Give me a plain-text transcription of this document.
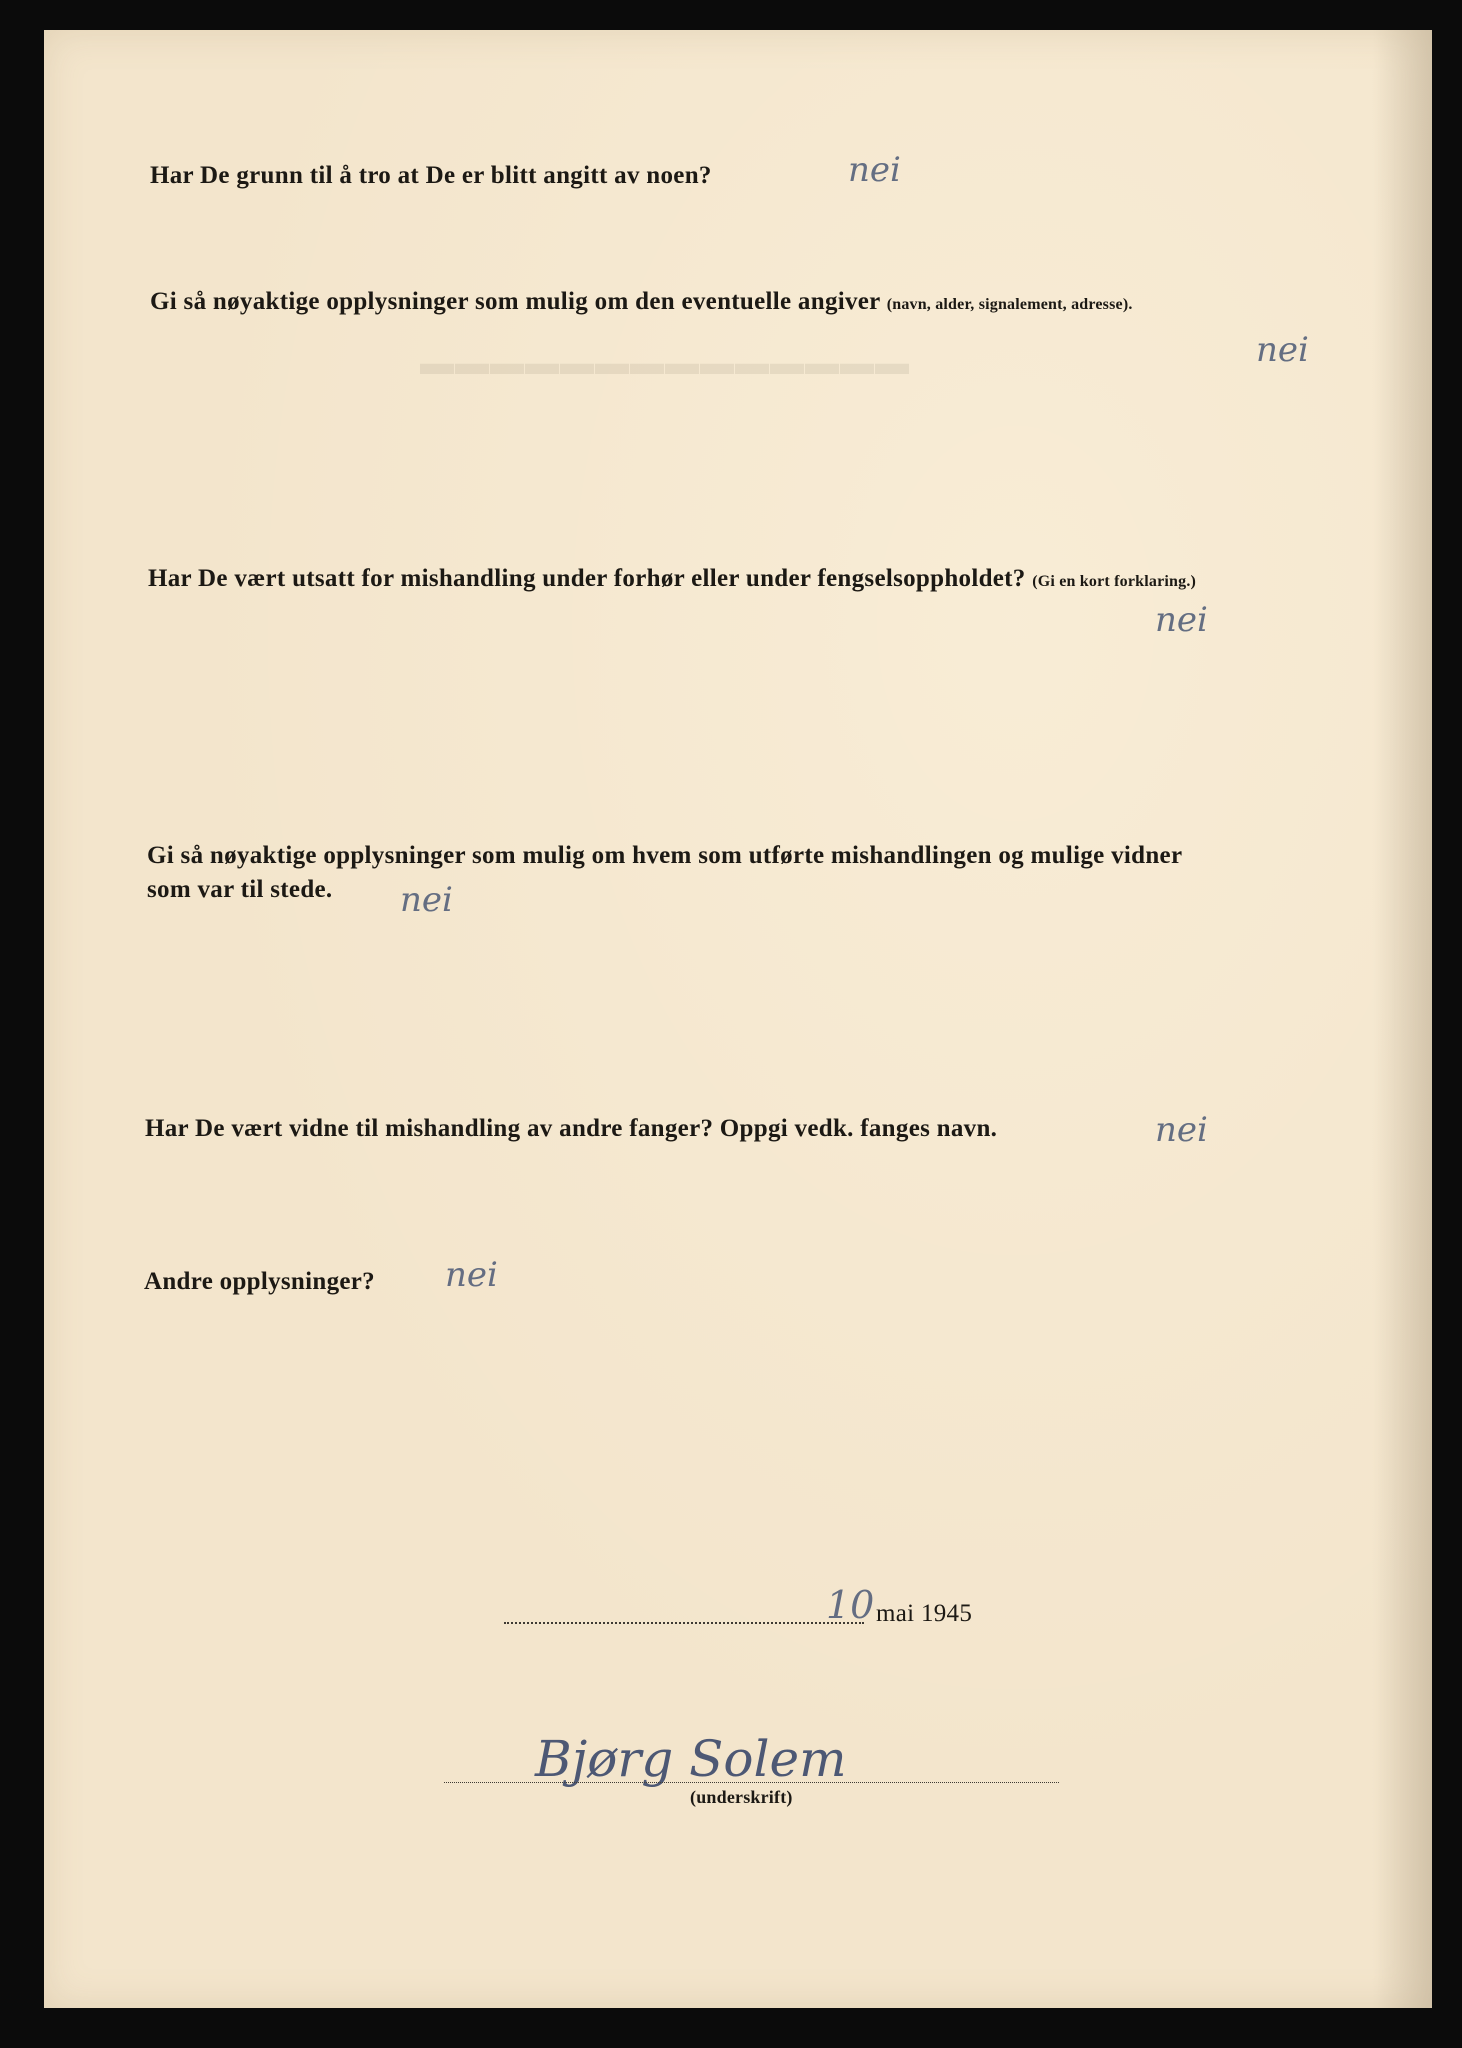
▬▬▬▬▬▬▬▬▬▬▬▬▬▬

Har De grunn til å tro at De er blitt angitt av noen?	nei

Gi så nøyaktige opplysninger som mulig om den eventuelle angiver (navn, alder, signalement, adresse).

nei

Har De vært utsatt for mishandling under forhør eller under fengselsoppholdet? (Gi en kort forklaring.)

nei

Gi så nøyaktige opplysninger som mulig om hvem som utførte mishandlingen og mulige vidner

som var til stede. nei

Har De vært vidne til mishandling av andre fanger? Oppgi vedk. fanges navn.	nei

Andre opplysninger? nei
10 mai 1945

Bjørg Solem

(underskrift)
